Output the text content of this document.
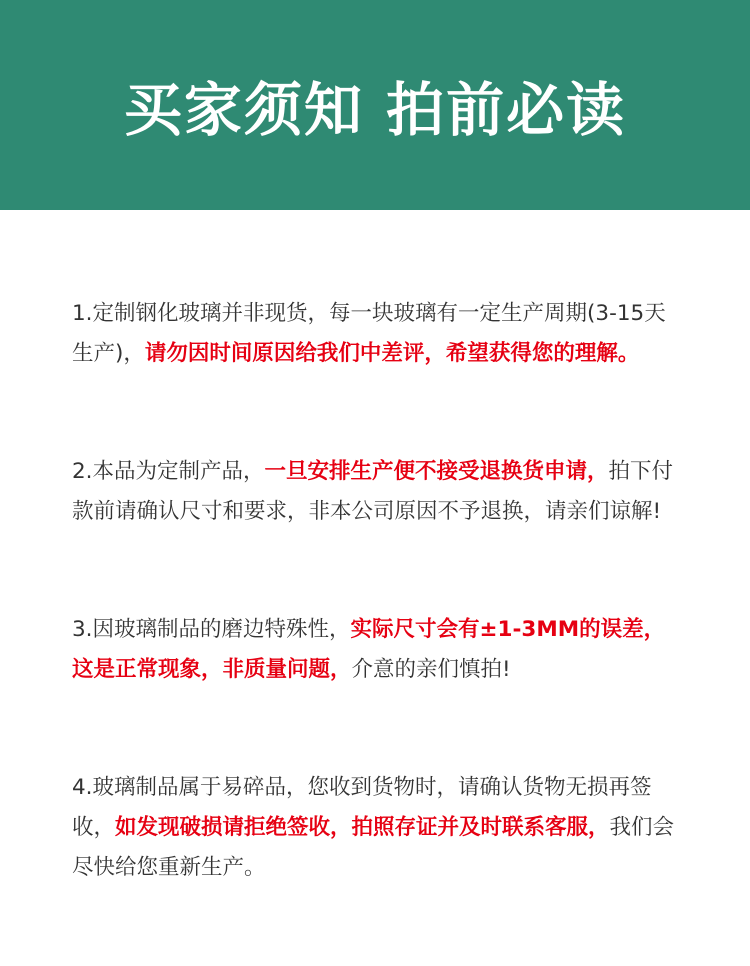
买家须知 拍前必读

1.定制钢化玻璃并非现货，每一块玻璃有一定生产周期(3-15天生产)，请勿因时间原因给我们中差评，希望获得您的理解。

2.本品为定制产品，一旦安排生产便不接受退换货申请，拍下付款前请确认尺寸和要求，非本公司原因不予退换，请亲们谅解!

3.因玻璃制品的磨边特殊性，实际尺寸会有±1-3MM的误差，这是正常现象，非质量问题，介意的亲们慎拍!

4.玻璃制品属于易碎品，您收到货物时，请确认货物无损再签收，如发现破损请拒绝签收，拍照存证并及时联系客服，我们会尽快给您重新生产。
